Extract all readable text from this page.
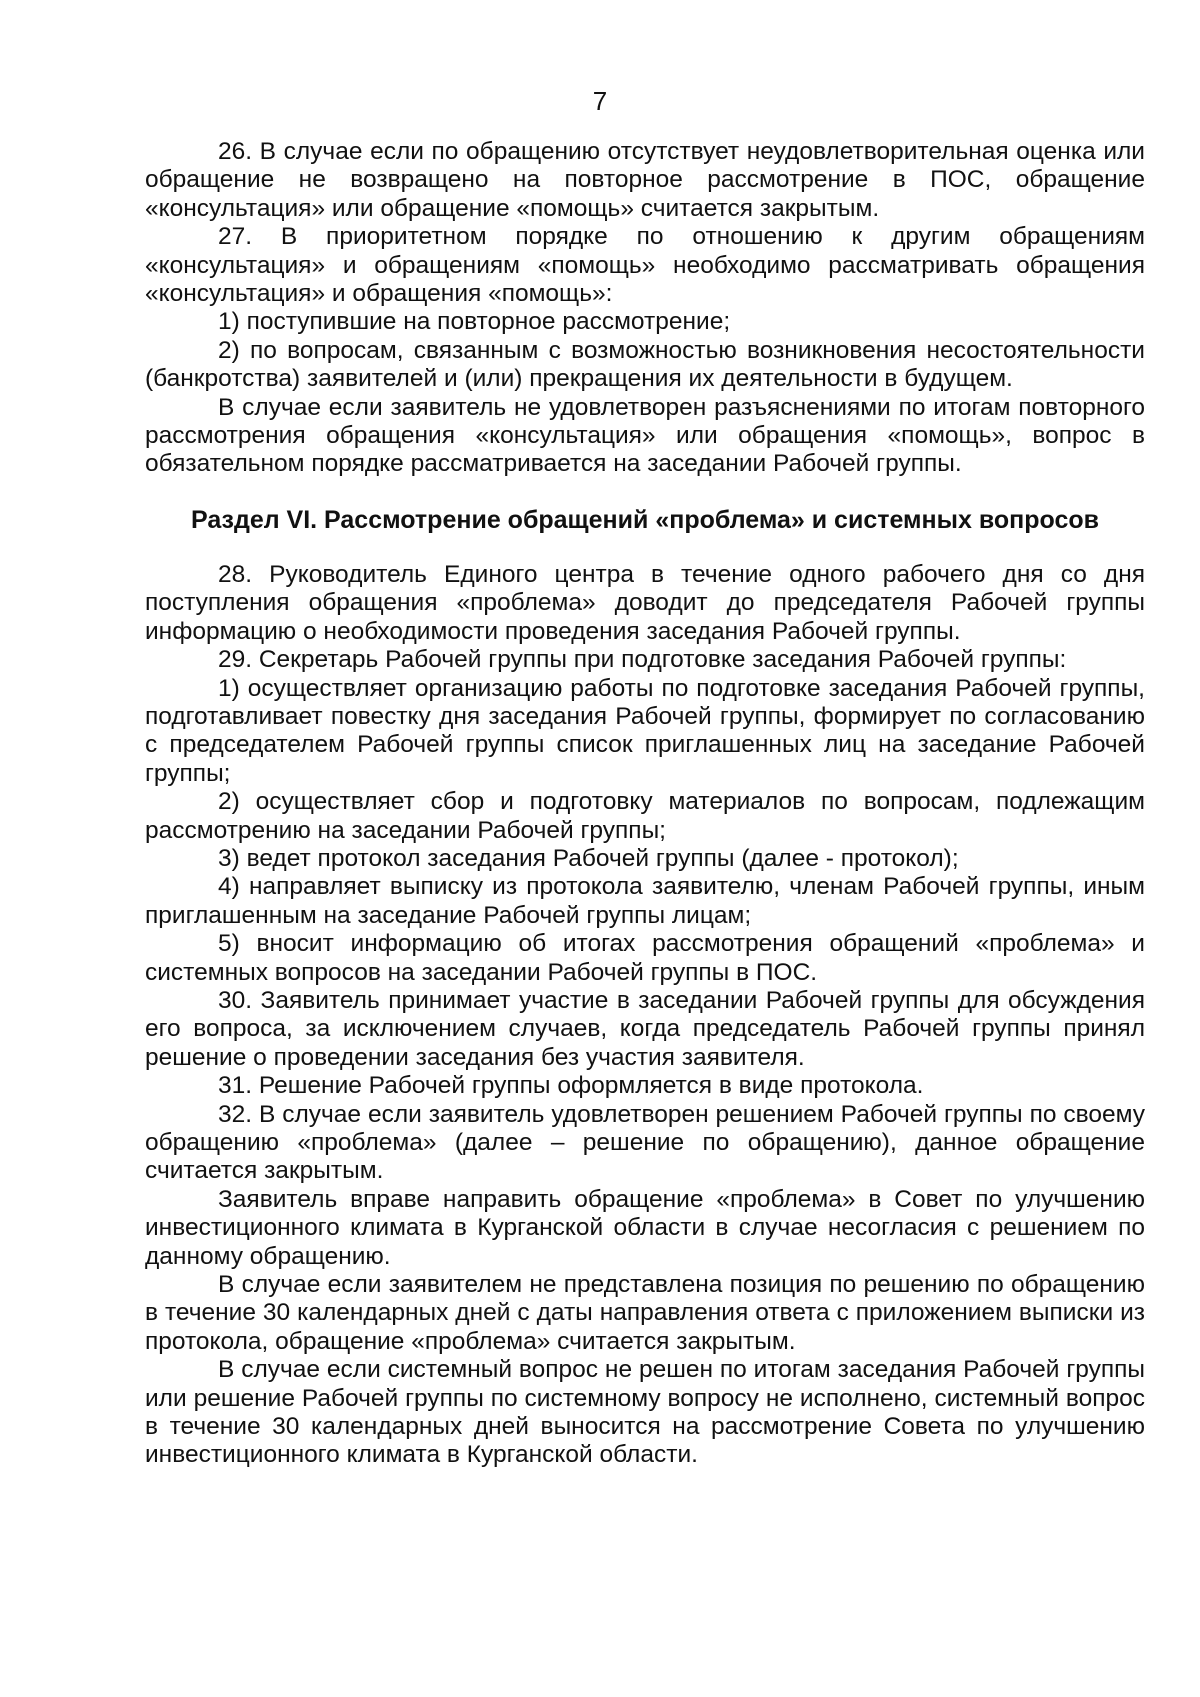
7

26. В случае если по обращению отсутствует неудовлетворительная оценка или обращение не возвращено на повторное рассмотрение в ПОС, обращение «консультация» или обращение «помощь» считается закрытым.

27. В приоритетном порядке по отношению к другим обращениям «консультация» и обращениям «помощь» необходимо рассматривать обращения «консультация» и обращения «помощь»:

1) поступившие на повторное рассмотрение;

2) по вопросам, связанным с возможностью возникновения несостоятельности (банкротства) заявителей и (или) прекращения их деятельности в будущем.

В случае если заявитель не удовлетворен разъяснениями по итогам повторного рассмотрения обращения «консультация» или обращения «помощь», вопрос в обязательном порядке рассматривается на заседании Рабочей группы.

Раздел VI. Рассмотрение обращений «проблема» и системных вопросов

28. Руководитель Единого центра в течение одного рабочего дня со дня поступления обращения «проблема» доводит до председателя Рабочей группы информацию о необходимости проведения заседания Рабочей группы.

29. Секретарь Рабочей группы при подготовке заседания Рабочей группы:

1) осуществляет организацию работы по подготовке заседания Рабочей группы, подготавливает повестку дня заседания Рабочей группы, формирует по согласованию с председателем Рабочей группы список приглашенных лиц на заседание Рабочей группы;

2) осуществляет сбор и подготовку материалов по вопросам, подлежащим рассмотрению на заседании Рабочей группы;

3) ведет протокол заседания Рабочей группы (далее - протокол);

4) направляет выписку из протокола заявителю, членам Рабочей группы, иным приглашенным на заседание Рабочей группы лицам;

5) вносит информацию об итогах рассмотрения обращений «проблема» и системных вопросов на заседании Рабочей группы в ПОС.

30. Заявитель принимает участие в заседании Рабочей группы для обсуждения его вопроса, за исключением случаев, когда председатель Рабочей группы принял решение о проведении заседания без участия заявителя.

31. Решение Рабочей группы оформляется в виде протокола.

32. В случае если заявитель удовлетворен решением Рабочей группы по своему обращению «проблема» (далее – решение по обращению), данное обращение считается закрытым.

Заявитель вправе направить обращение «проблема» в Совет по улучшению инвестиционного климата в Курганской области в случае несогласия с решением по данному обращению.

В случае если заявителем не представлена позиция по решению по обращению в течение 30 календарных дней с даты направления ответа с приложением выписки из протокола, обращение «проблема» считается закрытым.

В случае если системный вопрос не решен по итогам заседания Рабочей группы или решение Рабочей группы по системному вопросу не исполнено, системный вопрос в течение 30 календарных дней выносится на рассмотрение Совета по улучшению инвестиционного климата в Курганской области.
